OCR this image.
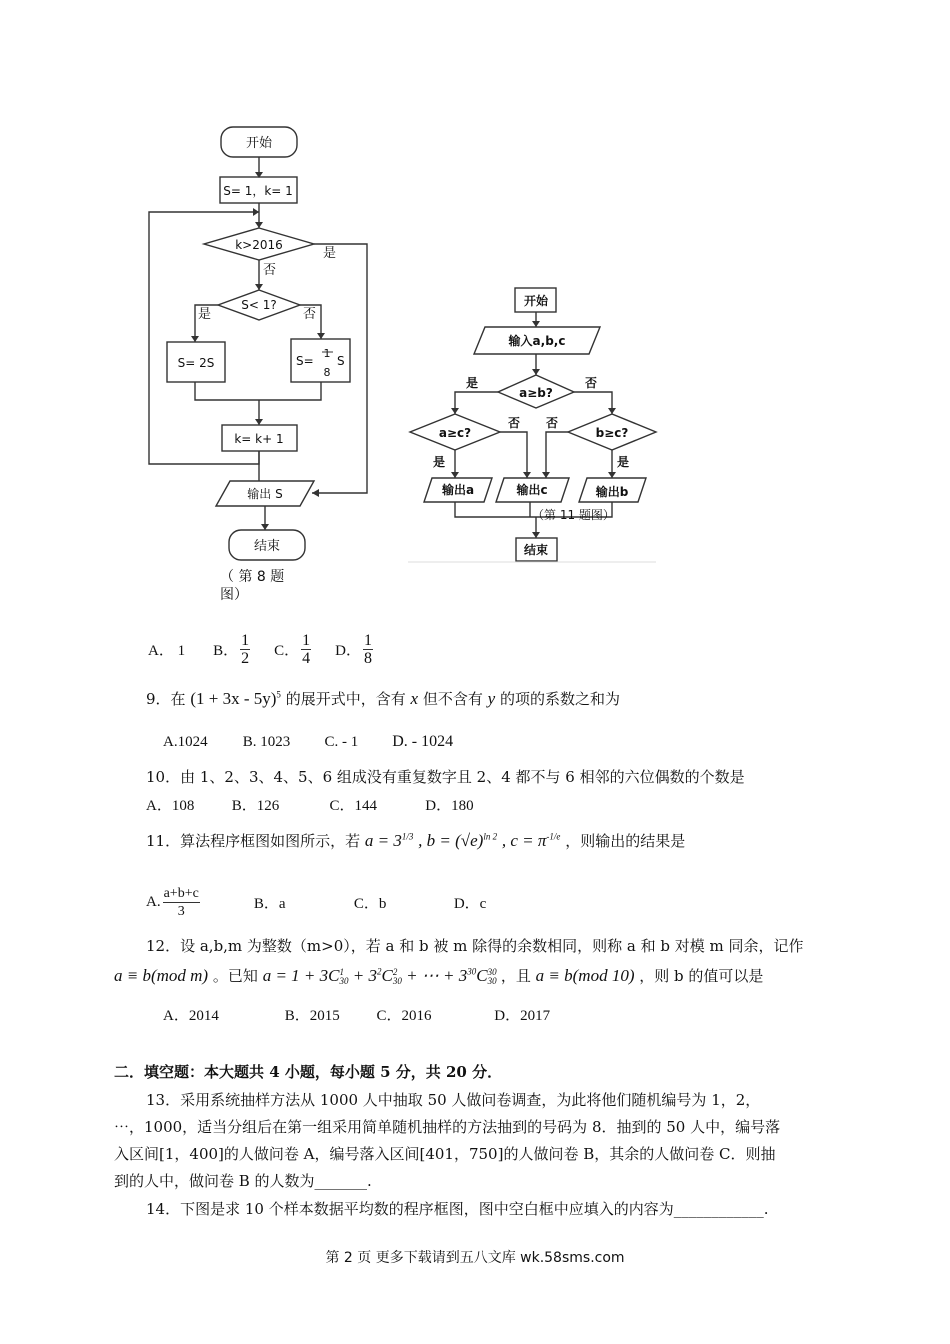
开始
S= 1，k= 1
k>2016
是
否
S< 1?
是	否
S= 2S	S=
1
8
S
k= k+ 1
输出 S
结束
（ 第 8 题
图）
开始
输入a,b,c
a≥b?
是	否
a≥c?
否 否
b≥c?
是	是
输出a	输出c	输出b
结束
（第 11 题图）
A． 1 B． $\frac{1}{2}$ C． $\frac{1}{4}$ D． $\frac{1}{8}$
9．在 $(1 + 3x - 5y)^5$ 的展开式中，含有 x 但不含有 y 的项的系数之和为
A.1024 B. 1023 C. - 1 D. - 1024
10．由 1、2、3、4、5、6 组成没有重复数字且 2、4 都不与 6 相邻的六位偶数的个数是
A．108 B．126	C．144	D．180
11．算法程序框图如图所示，若 $a = 3^{1/3}$ , $b = (√e)^{ln 2}$ , $c = \pi^{-1/e}$ ，则输出的结果是
A. $\frac{a+b+c}{3}$	B．a	C．b	D．c
12．设 a,b,m 为整数（m>0），若 a 和 b 被 m 除得的余数相同，则称 a 和 b 对模 m 同余，记作
a ≡ b(mod m) 。已知 a = 1 + 3C 1
$30 + 3^2C$ 2
30 + ⋯ + $3^{30}C$ 30
30 ，且 a ≡ b(mod 10) ，则 b 的值可以是
A．2014	B．2015 C．2016	D．2017
二．填空题：本大题共 4 小题，每小题 5 分，共 20 分．
13．采用系统抽样方法从 1000 人中抽取 50 人做问卷调查，为此将他们随机编号为 1，2，
⋯，1000，适当分组后在第一组采用简单随机抽样的方法抽到的号码为 8．抽到的 50 人中，编号落
入区间[1，400]的人做问卷 A，编号落入区间[401，750]的人做问卷 B，其余的人做问卷 C．则抽
到的人中，做问卷 B 的人数为_______.
14．下图是求 10 个样本数据平均数的程序框图，图中空白框中应填入的内容为____________.
第 2 页 更多下载请到五八文库 wk.58sms.com
